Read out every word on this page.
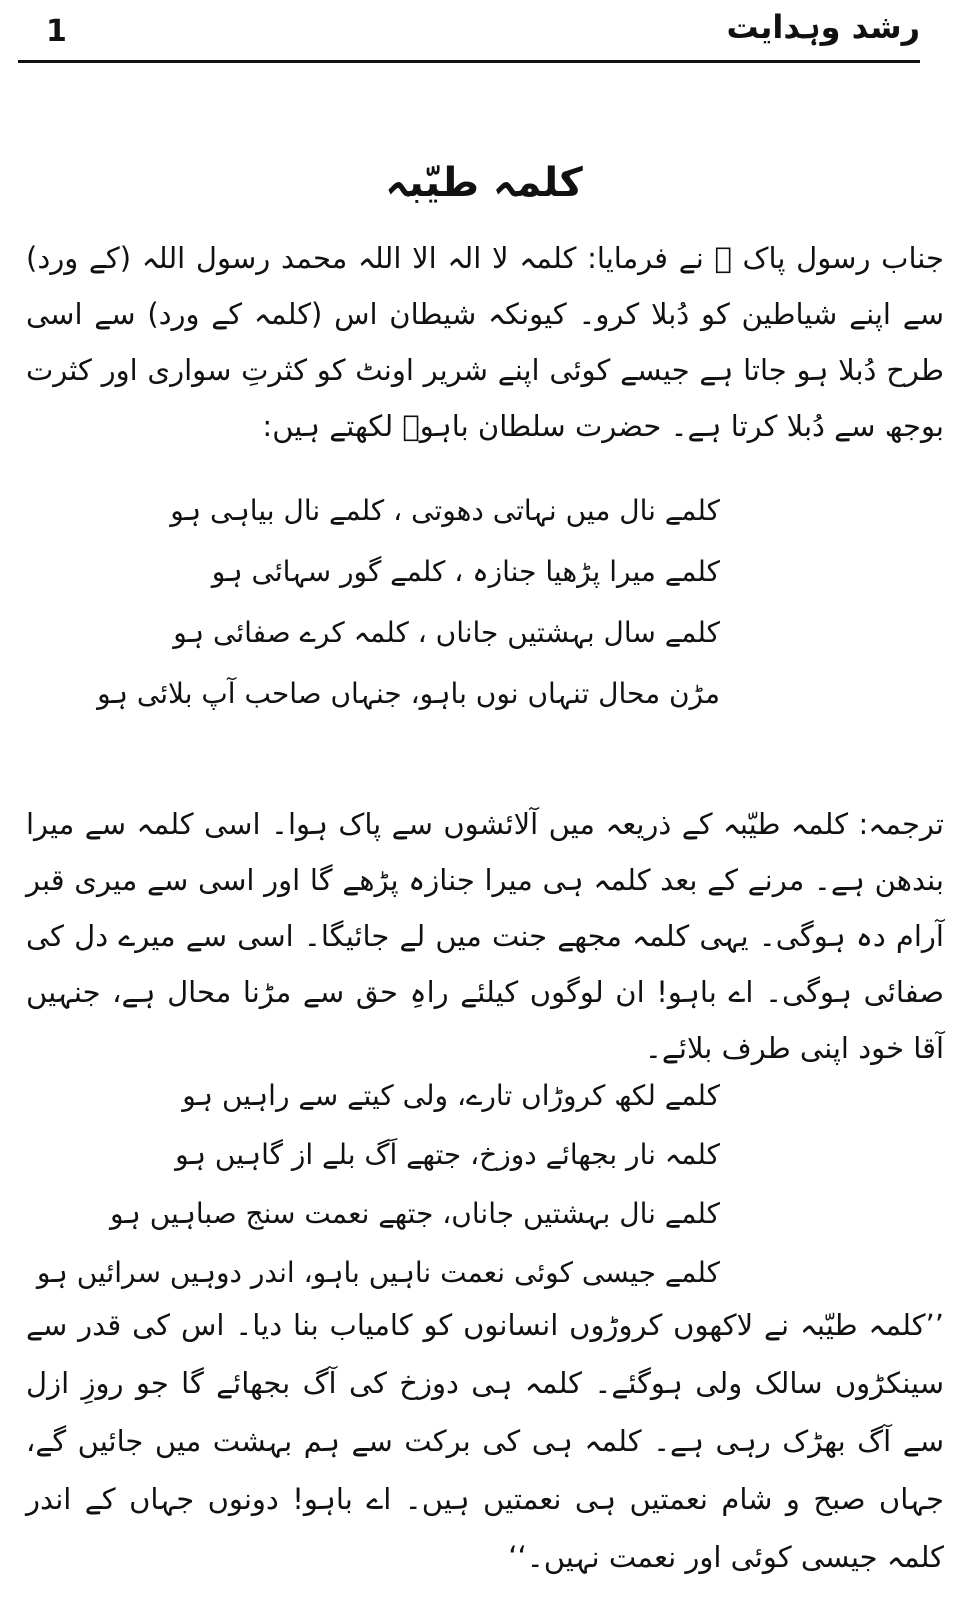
1	رشد وہدایت
کلمہ طیّبہ

جناب رسول پاک ﷺ نے فرمایا: کلمہ لا الہ الا اللہ محمد رسول اللہ (کے ورد) سے اپنے شیاطین کو دُبلا کرو۔ کیونکہ شیطان اس (کلمہ کے ورد) سے اسی طرح دُبلا ہو جاتا ہے جیسے کوئی اپنے شریر اونٹ کو کثرتِ سواری اور کثرت بوجھ سے دُبلا کرتا ہے۔ حضرت سلطان باہوؒ لکھتے ہیں:

کلمے نال میں نہاتی دھوتی ، کلمے نال بیاہی ہو
کلمے میرا پڑھیا جنازہ ، کلمے گور سہائی ہو
کلمے سال بہشتیں جاناں ، کلمہ کرے صفائی ہو
مڑن محال تنہاں نوں باہو، جنہاں صاحب آپ بلائی ہو

ترجمہ: کلمہ طیّبہ کے ذریعہ میں آلائشوں سے پاک ہوا۔ اسی کلمہ سے میرا بندھن ہے۔ مرنے کے بعد کلمہ ہی میرا جنازہ پڑھے گا اور اسی سے میری قبر آرام دہ ہوگی۔ یہی کلمہ مجھے جنت میں لے جائیگا۔ اسی سے میرے دل کی صفائی ہوگی۔ اے باہو! ان لوگوں کیلئے راہِ حق سے مڑنا محال ہے، جنہیں آقا خود اپنی طرف بلائے۔

کلمے لکھ کروڑاں تارے، ولی کیتے سے راہیں ہو
کلمہ نار بجھائے دوزخ، جتھے اَگ بلے از گاہیں ہو
کلمے نال بہشتیں جاناں، جتھے نعمت سنج صباہیں ہو
کلمے جیسی کوئی نعمت ناہیں باہو، اندر دوہیں سرائیں ہو

’’کلمہ طیّبہ نے لاکھوں کروڑوں انسانوں کو کامیاب بنا دیا۔ اس کی قدر سے سینکڑوں سالک ولی ہوگئے۔ کلمہ ہی دوزخ کی آگ بجھائے گا جو روزِ ازل سے آگ بھڑک رہی ہے۔ کلمہ ہی کی برکت سے ہم بہشت میں جائیں گے، جہاں صبح و شام نعمتیں ہی نعمتیں ہیں۔ اے باہو! دونوں جہاں کے اندر کلمہ جیسی کوئی اور نعمت نہیں۔‘‘
